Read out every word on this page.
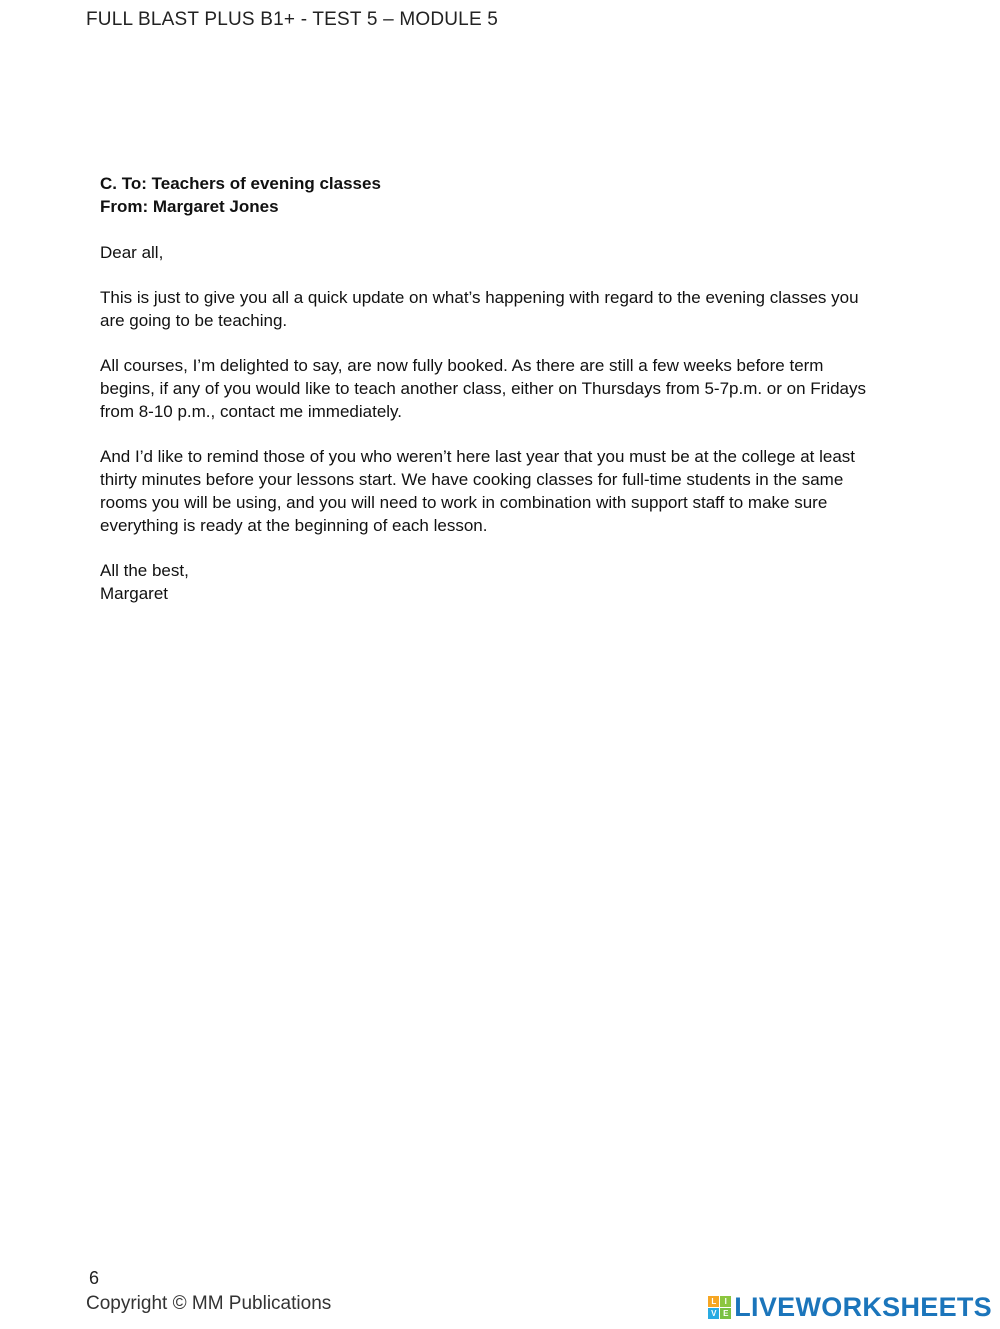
FULL BLAST PLUS B1+ - TEST 5 – MODULE 5
C. To: Teachers of evening classes
From: Margaret Jones

Dear all,

This is just to give you all a quick update on what’s happening with regard to the evening classes you are going to be teaching.

All courses, I’m delighted to say, are now fully booked. As there are still a few weeks before term begins, if any of you would like to teach another class, either on Thursdays from 5-7p.m. or on Fridays from 8-10 p.m., contact me immediately.

And I’d like to remind those of you who weren’t here last year that you must be at the college at least thirty minutes before your lessons start. We have cooking classes for full-time students in the same rooms you will be using, and you will need to work in combination with support staff to make sure everything is ready at the beginning of each lesson.

All the best,

Margaret

6
Copyright © MM Publications	L	I
V E LIVEWORKSHEETS
